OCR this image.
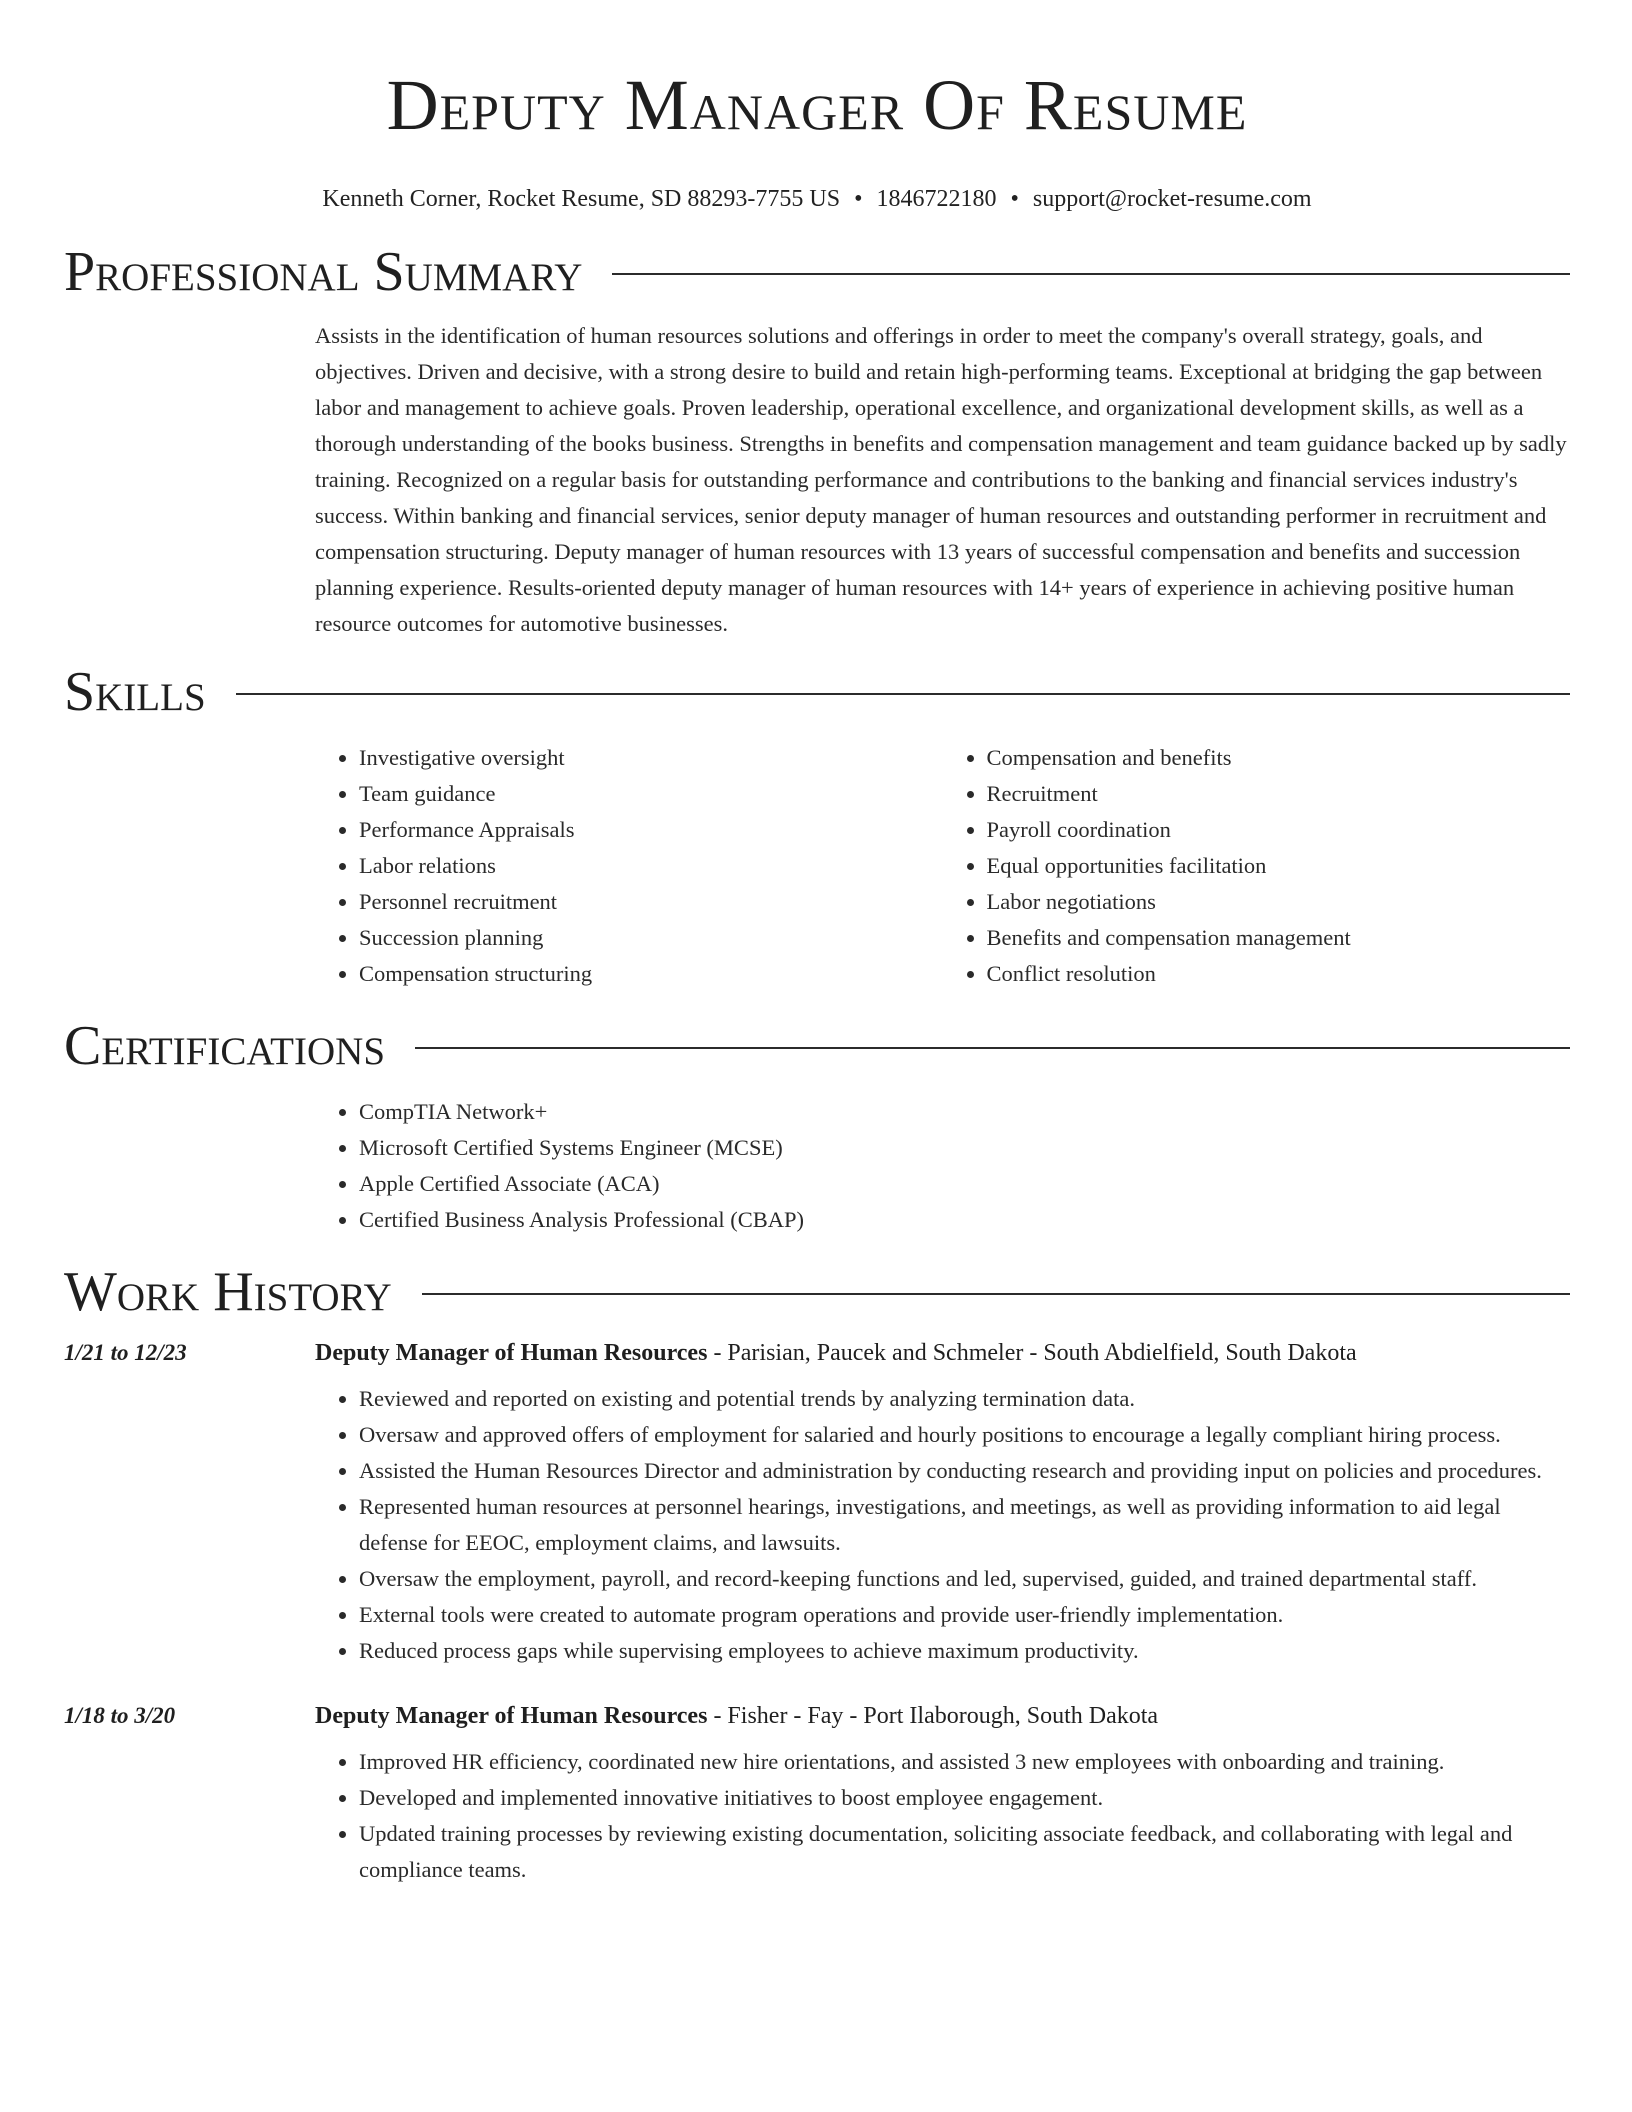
Deputy Manager Of Resume
Kenneth Corner, Rocket Resume, SD 88293-7755 US • 1846722180 • support@rocket-resume.com
Professional Summary
Assists in the identification of human resources solutions and offerings in order to meet the company's overall strategy, goals, and objectives. Driven and decisive, with a strong desire to build and retain high-performing teams. Exceptional at bridging the gap between labor and management to achieve goals. Proven leadership, operational excellence, and organizational development skills, as well as a thorough understanding of the books business. Strengths in benefits and compensation management and team guidance backed up by sadly training. Recognized on a regular basis for outstanding performance and contributions to the banking and financial services industry's success. Within banking and financial services, senior deputy manager of human resources and outstanding performer in recruitment and compensation structuring. Deputy manager of human resources with 13 years of successful compensation and benefits and succession planning experience. Results-oriented deputy manager of human resources with 14+ years of experience in achieving positive human resource outcomes for automotive businesses.
Skills
• Investigative oversight
• Team guidance
• Performance Appraisals
• Labor relations
• Personnel recruitment
• Succession planning
• Compensation structuring
• Compensation and benefits
• Recruitment
• Payroll coordination
• Equal opportunities facilitation
• Labor negotiations
• Benefits and compensation management
• Conflict resolution
Certifications
• CompTIA Network+
• Microsoft Certified Systems Engineer (MCSE)
• Apple Certified Associate (ACA)
• Certified Business Analysis Professional (CBAP)
Work History
1/21 to 12/23	Deputy Manager of Human Resources - Parisian, Paucek and Schmeler - South Abdielfield, South Dakota
• Reviewed and reported on existing and potential trends by analyzing termination data.
• Oversaw and approved offers of employment for salaried and hourly positions to encourage a legally compliant hiring process.
• Assisted the Human Resources Director and administration by conducting research and providing input on policies and procedures.
• Represented human resources at personnel hearings, investigations, and meetings, as well as providing information to aid legal defense for EEOC, employment claims, and lawsuits.
• Oversaw the employment, payroll, and record-keeping functions and led, supervised, guided, and trained departmental staff.
• External tools were created to automate program operations and provide user-friendly implementation.
• Reduced process gaps while supervising employees to achieve maximum productivity.
1/18 to 3/20	Deputy Manager of Human Resources - Fisher - Fay - Port Ilaborough, South Dakota
• Improved HR efficiency, coordinated new hire orientations, and assisted 3 new employees with onboarding and training.
• Developed and implemented innovative initiatives to boost employee engagement.
• Updated training processes by reviewing existing documentation, soliciting associate feedback, and collaborating with legal and compliance teams.
